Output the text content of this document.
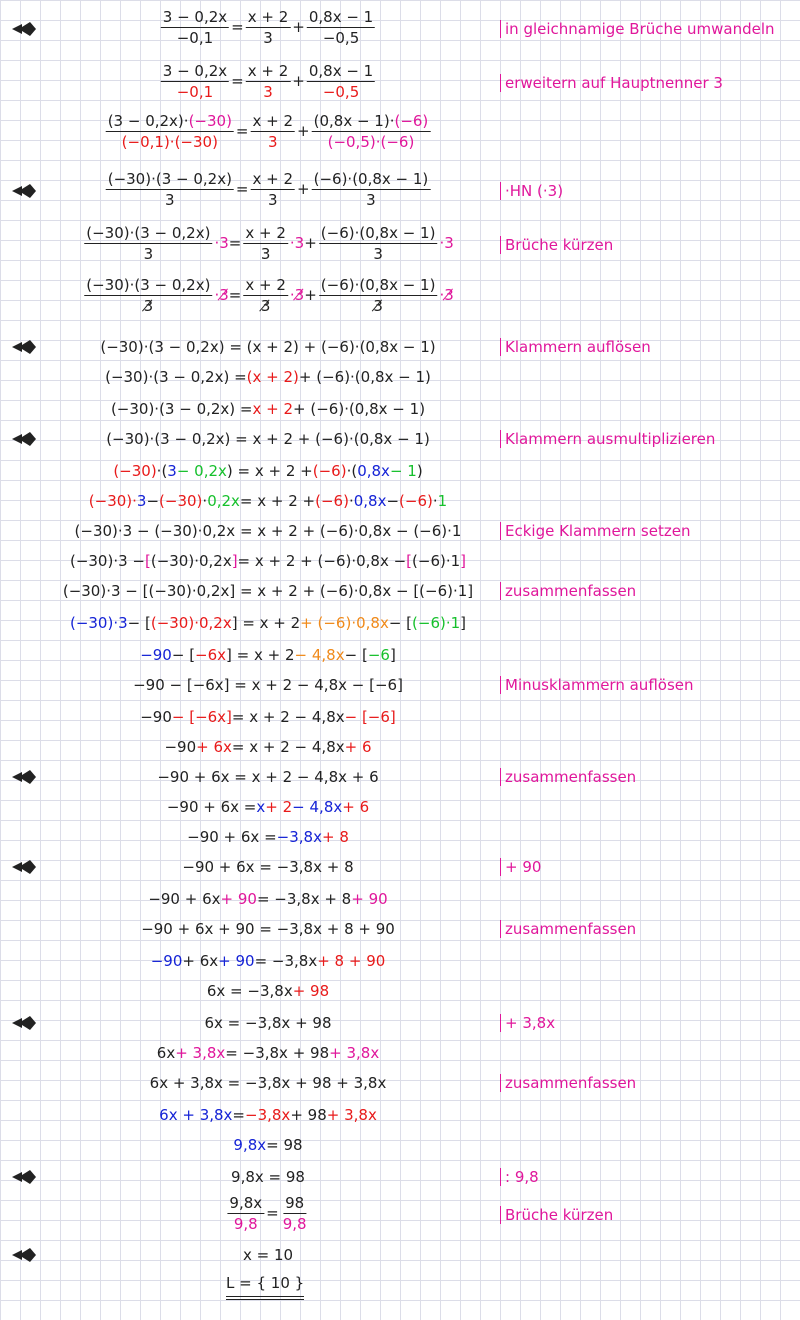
$\frac{3 - 0,2x}{-0,1} = \frac{x + 2}{3} + \frac{0,8x - 1}{-0,5}$	in gleichnamige Brüche umwandeln
$\frac{3 - 0,2x}{-0,1} = \frac{x + 2}{3} + \frac{0,8x - 1}{-0,5}$	erweitern auf Hauptnenner 3
$\frac{(3 - 0,2x)\cdot(-30)}{(-0,1)\cdot(-30)} = \frac{x + 2}{3} + \frac{(0,8x - 1)\cdot(-6)}{(-0,5)\cdot(-6)}$
$\frac{(-30)\cdot(3 - 0,2x)}{3} = \frac{x + 2}{3} + \frac{(-6)\cdot(0,8x - 1)}{3}$	·HN (·3)
$\frac{(-30)\cdot(3 - 0,2x)}{3} \cdot 3= \frac{x + 2}{3} \cdot 3+ \frac{(-6)\cdot(0,8x - 1)}{3} \cdot 3$	Brüche kürzen
$\frac{(-30)\cdot(3 - 0,2x)}{3̸}$ ·3̸= $\frac{x + 2}{3̸}$ ·3̸+ $\frac{(-6)\cdot(0,8x - 1)}{3̸}$ ·3̸
(−30)·(3 − 0,2x) = (x + 2) + (−6)·(0,8x − 1)	Klammern auflösen
(−30)·(3 − 0,2x) =(x + 2)+ (−6)·(0,8x − 1)
(−30)·(3 − 0,2x) =x + 2+ (−6)·(0,8x − 1)
(−30)·(3 − 0,2x) = x + 2 + (−6)·(0,8x − 1)	Klammern ausmultiplizieren
(−30)·(3− 0,2x) = x + 2 +(−6)·(0,8x− 1)
(−30)·3−(−30)·0,2x= x + 2 +(−6)·0,8x−(−6)·1
(−30)·3 − (−30)·0,2x = x + 2 + (−6)·0,8x − (−6)·1	Eckige Klammern setzen
(−30)·3 −[(−30)·0,2x]= x + 2 + (−6)·0,8x −[(−6)·1]
(−30)·3 − [(−30)·0,2x] = x + 2 + (−6)·0,8x − [(−6)·1]	zusammenfassen
(−30)·3− [(−30)·0,2x] = x + 2+ (−6)·0,8x− [(−6)·1]
−90− [−6x] = x + 2− 4,8x− [−6]
−90 − [−6x] = x + 2 − 4,8x − [−6]	Minusklammern auflösen
−90− [−6x]= x + 2 − 4,8x− [−6]
−90+ 6x= x + 2 − 4,8x+ 6
−90 + 6x = x + 2 − 4,8x + 6	zusammenfassen
−90 + 6x =x+ 2− 4,8x+ 6
−90 + 6x =−3,8x+ 8
−90 + 6x = −3,8x + 8	+ 90
−90 + 6x+ 90= −3,8x + 8+ 90
−90 + 6x + 90 = −3,8x + 8 + 90	zusammenfassen
−90+ 6x+ 90= −3,8x+ 8 + 90
6x = −3,8x+ 98
6x = −3,8x + 98	+ 3,8x
6x+ 3,8x= −3,8x + 98+ 3,8x
6x + 3,8x = −3,8x + 98 + 3,8x	zusammenfassen
6x + 3,8x=−3,8x+ 98+ 3,8x
9,8x= 98
9,8x = 98	: 9,8
$\frac{9,8x}{9,8} = \frac{98}{9,8}$	Brüche kürzen
x = 10
L = { 10 }
